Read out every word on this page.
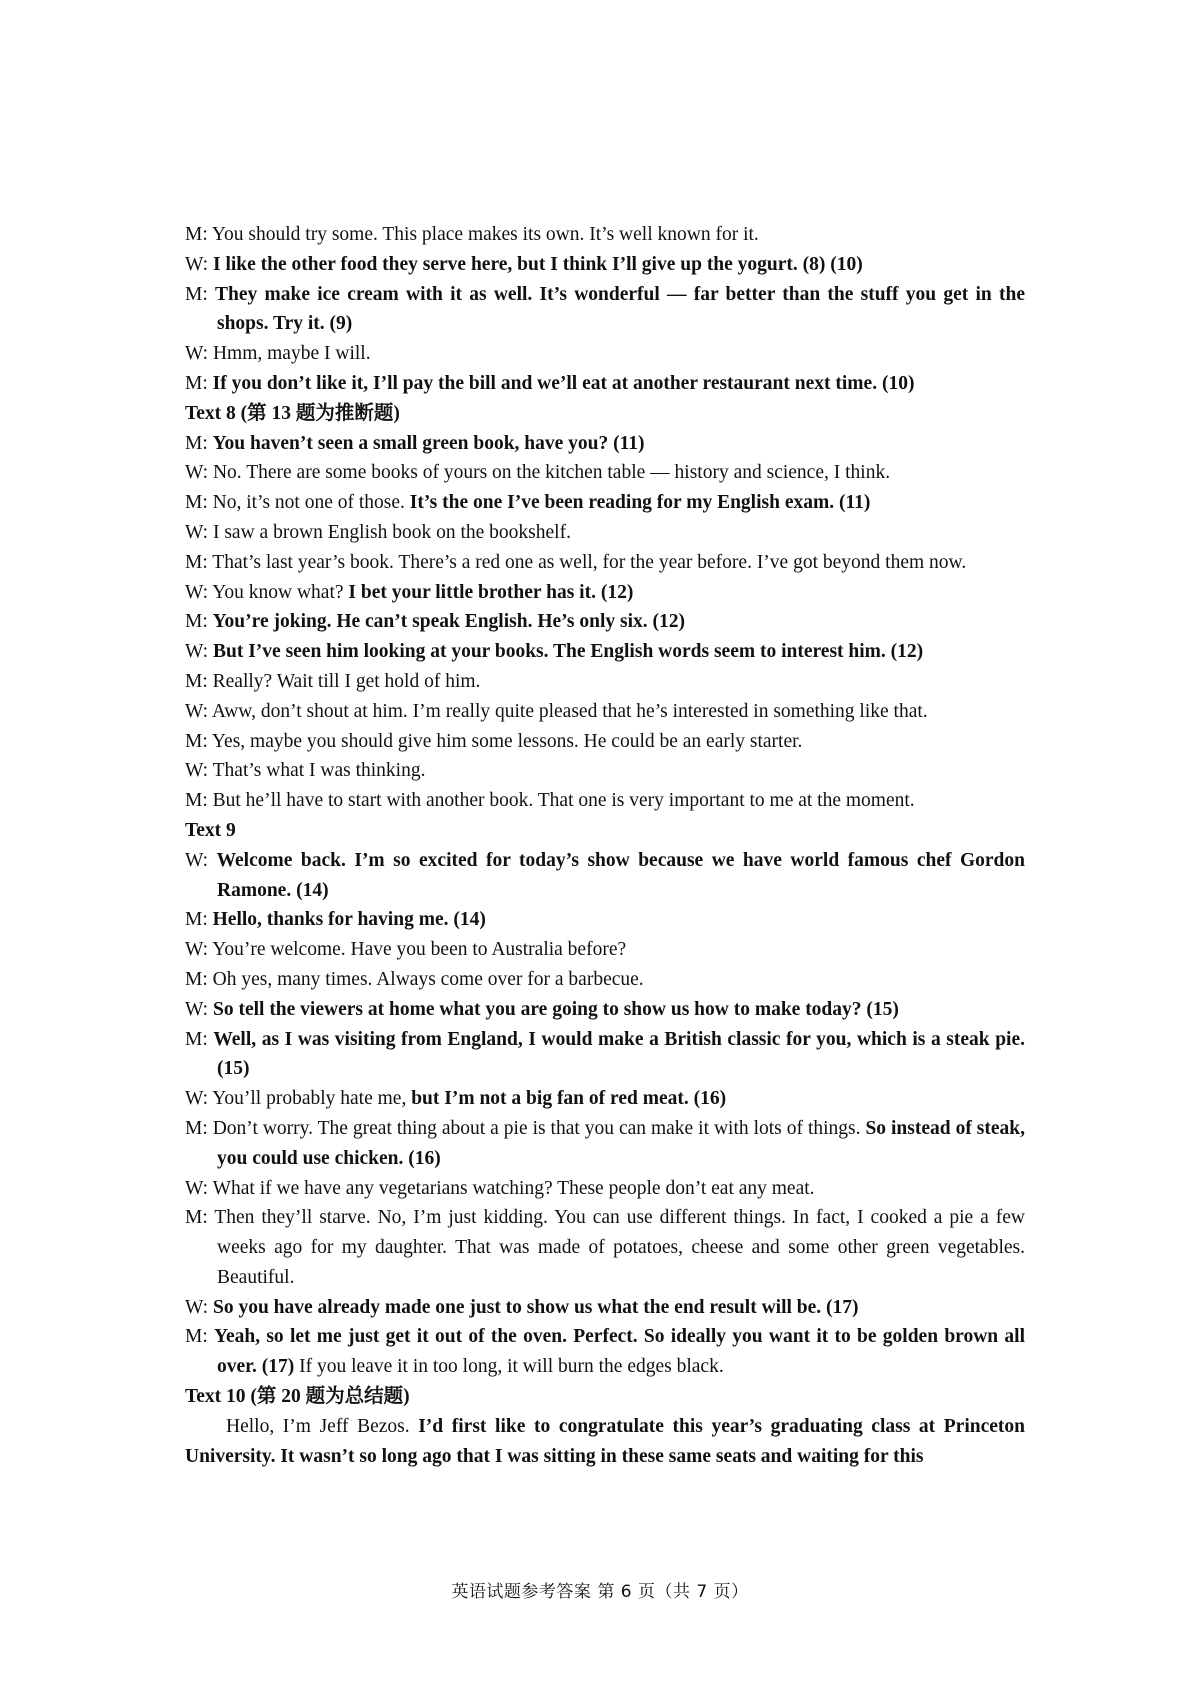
M: You should try some. This place makes its own. It’s well known for it.

W: I like the other food they serve here, but I think I’ll give up the yogurt. (8) (10)

M: They make ice cream with it as well. It’s wonderful — far better than the stuff you get in the shops. Try it. (9)

W: Hmm, maybe I will.

M: If you don’t like it, I’ll pay the bill and we’ll eat at another restaurant next time. (10)

Text 8 (第 13 题为推断题)

M: You haven’t seen a small green book, have you? (11)

W: No. There are some books of yours on the kitchen table — history and science, I think.

M: No, it’s not one of those. It’s the one I’ve been reading for my English exam. (11)

W: I saw a brown English book on the bookshelf.

M: That’s last year’s book. There’s a red one as well, for the year before. I’ve got beyond them now.

W: You know what? I bet your little brother has it. (12)

M: You’re joking. He can’t speak English. He’s only six. (12)

W: But I’ve seen him looking at your books. The English words seem to interest him. (12)

M: Really? Wait till I get hold of him.

W: Aww, don’t shout at him. I’m really quite pleased that he’s interested in something like that.

M: Yes, maybe you should give him some lessons. He could be an early starter.

W: That’s what I was thinking.

M: But he’ll have to start with another book. That one is very important to me at the moment.

Text 9

W: Welcome back. I’m so excited for today’s show because we have world famous chef Gordon Ramone. (14)

M: Hello, thanks for having me. (14)

W: You’re welcome. Have you been to Australia before?

M: Oh yes, many times. Always come over for a barbecue.

W: So tell the viewers at home what you are going to show us how to make today? (15)

M: Well, as I was visiting from England, I would make a British classic for you, which is a steak pie. (15)

W: You’ll probably hate me, but I’m not a big fan of red meat. (16)

M: Don’t worry. The great thing about a pie is that you can make it with lots of things. So instead of steak, you could use chicken. (16)

W: What if we have any vegetarians watching? These people don’t eat any meat.

M: Then they’ll starve. No, I’m just kidding. You can use different things. In fact, I cooked a pie a few weeks ago for my daughter. That was made of potatoes, cheese and some other green vegetables. Beautiful.

W: So you have already made one just to show us what the end result will be. (17)

M: Yeah, so let me just get it out of the oven. Perfect. So ideally you want it to be golden brown all over. (17) If you leave it in too long, it will burn the edges black.

Text 10 (第 20 题为总结题)

Hello, I’m Jeff Bezos. I’d first like to congratulate this year’s graduating class at Princeton University. It wasn’t so long ago that I was sitting in these same seats and waiting for this

英语试题参考答案 第 6 页（共 7 页）
